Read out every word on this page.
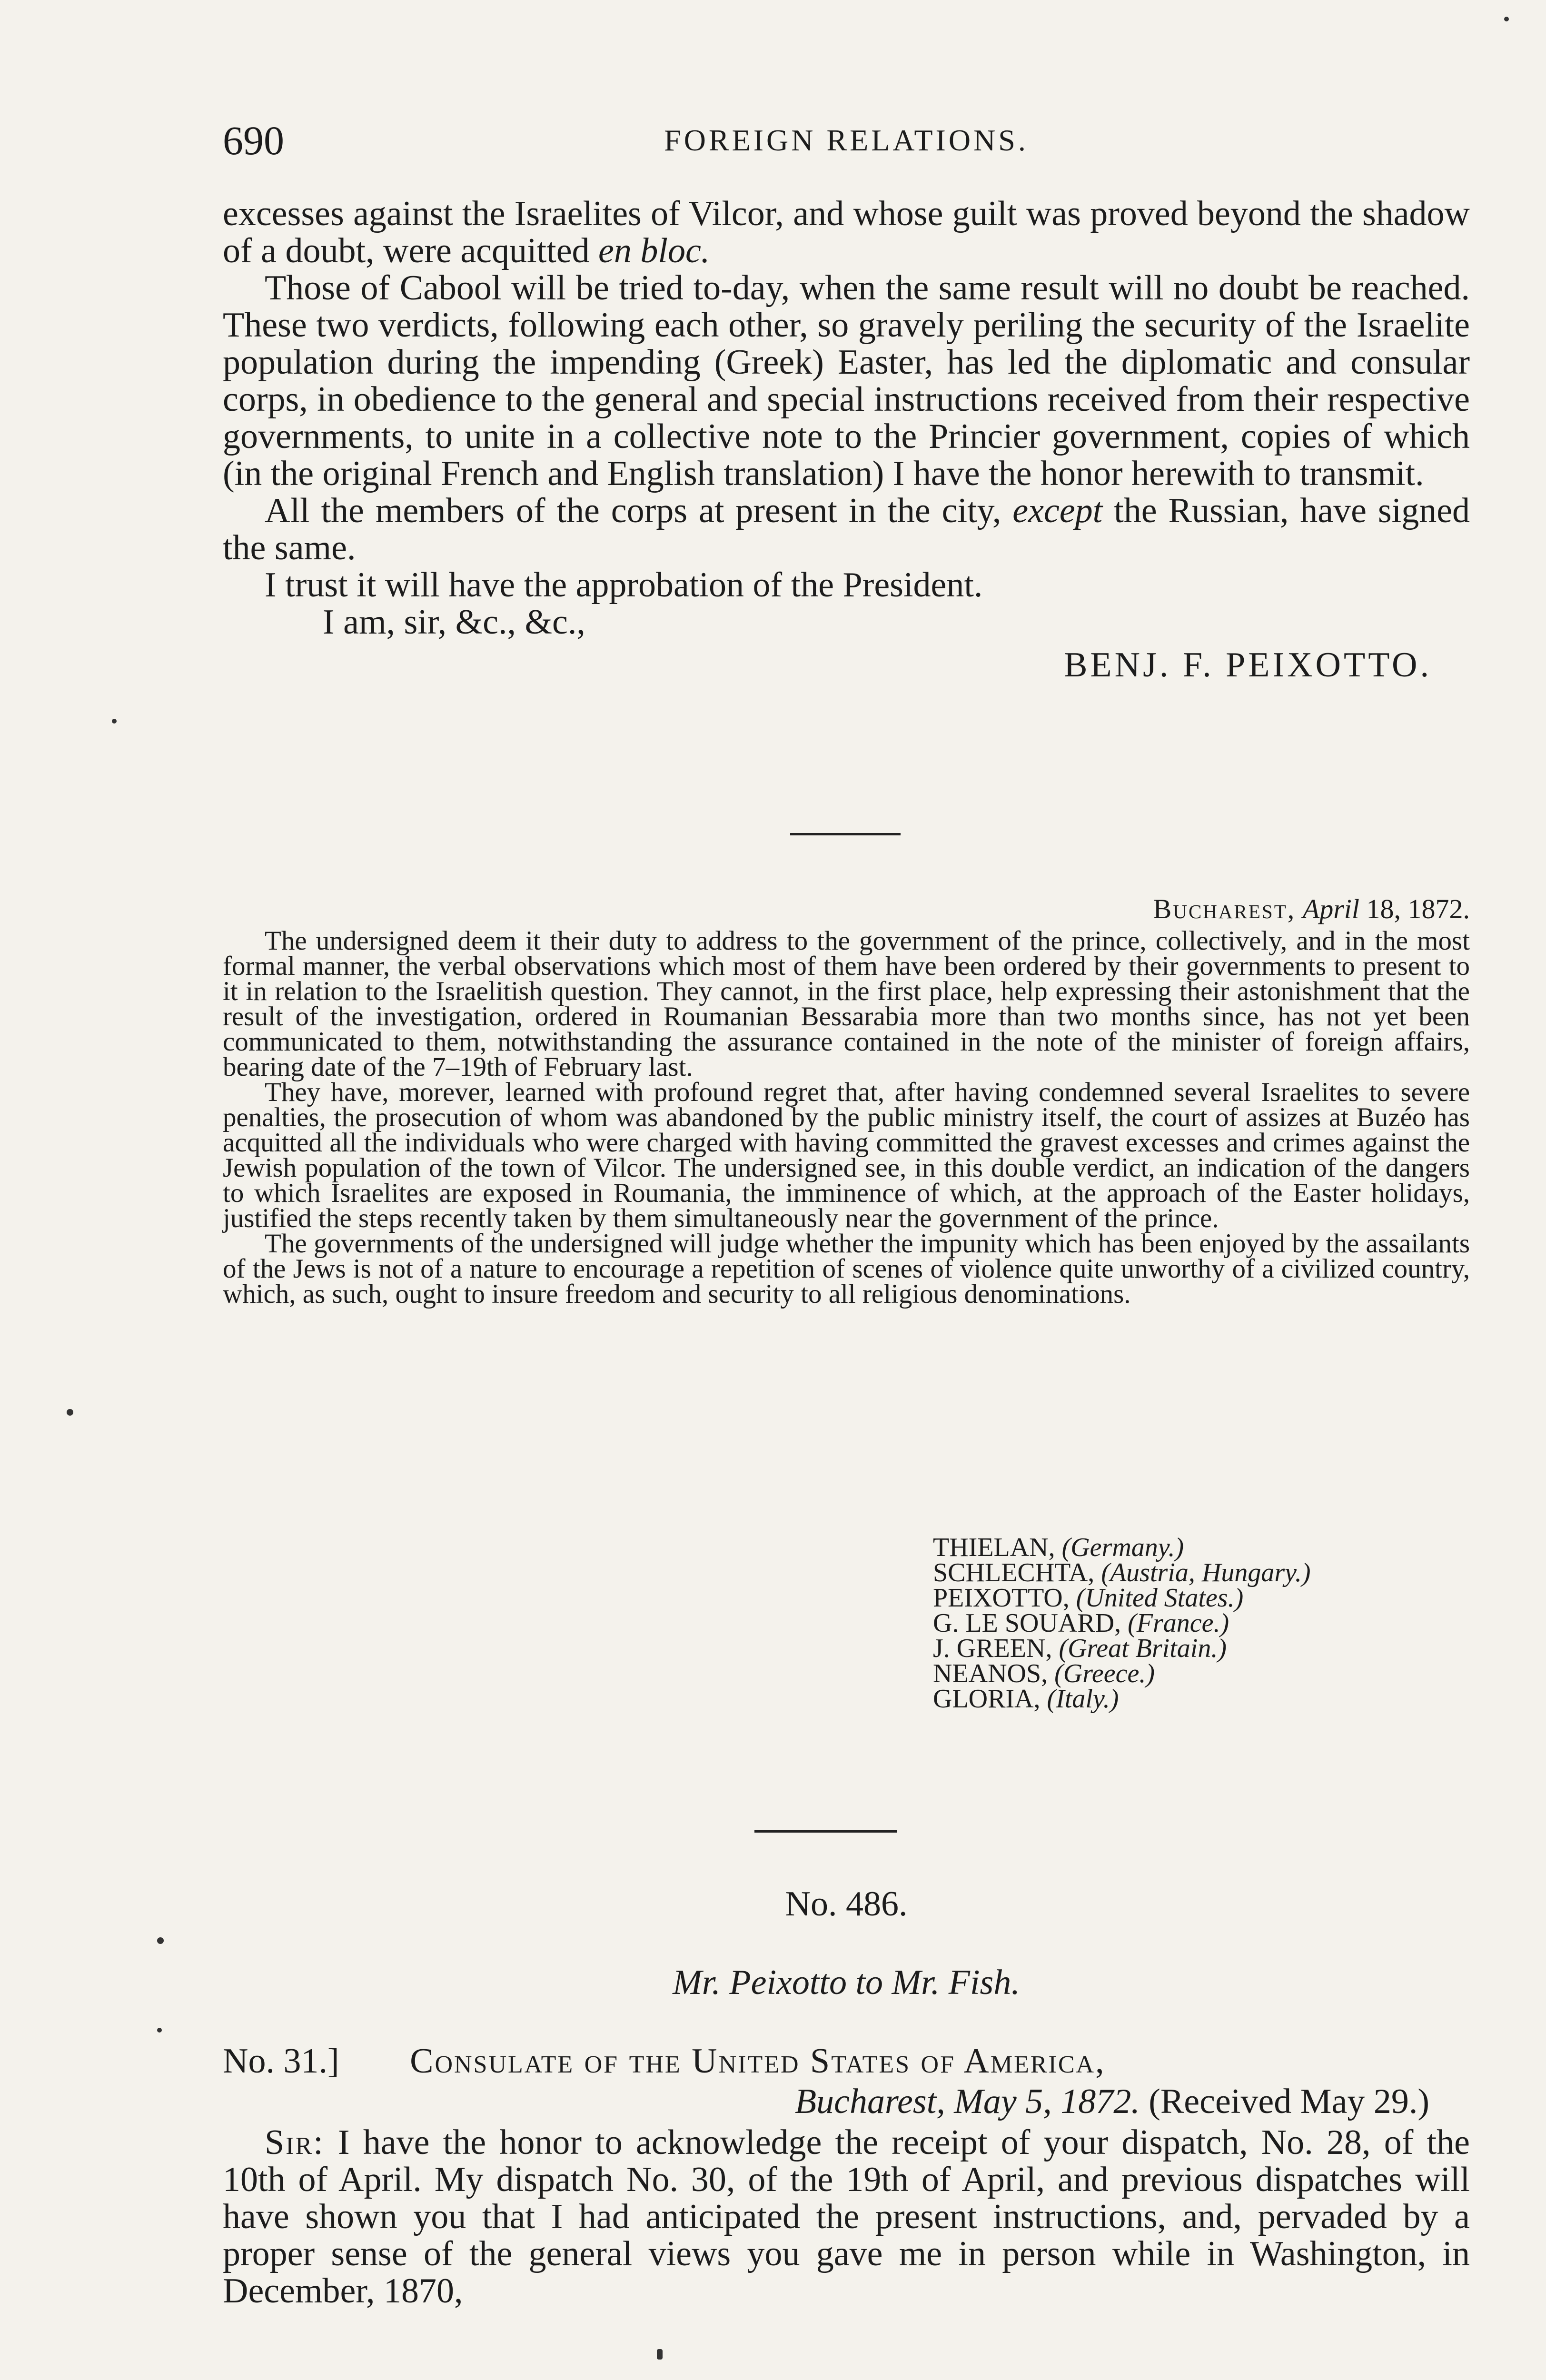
FOREIGN RELATIONS.
690

excesses against the Israelites of Vilcor, and whose guilt was proved beyond the shadow of a doubt, were acquitted en bloc.

Those of Cabool will be tried to-day, when the same result will no doubt be reached. These two verdicts, following each other, so gravely periling the security of the Israelite population during the impending (Greek) Easter, has led the diplomatic and consular corps, in obedience to the general and special instructions received from their respective governments, to unite in a collective note to the Princier government, copies of which (in the original French and English translation) I have the honor herewith to transmit.

All the members of the corps at present in the city, except the Russian, have signed the same.

I trust it will have the approbation of the President.

I am, sir, &c., &c.,

BENJ. F. PEIXOTTO.

Bucharest, April 18, 1872.

The undersigned deem it their duty to address to the government of the prince, collectively, and in the most formal manner, the verbal observations which most of them have been ordered by their governments to present to it in relation to the Israelitish question. They cannot, in the first place, help expressing their astonishment that the result of the investigation, ordered in Roumanian Bessarabia more than two months since, has not yet been communicated to them, notwithstanding the assurance contained in the note of the minister of foreign affairs, bearing date of the 7–19th of February last.

They have, morever, learned with profound regret that, after having condemned several Israelites to severe penalties, the prosecution of whom was abandoned by the public ministry itself, the court of assizes at Buzéo has acquitted all the individuals who were charged with having committed the gravest excesses and crimes against the Jewish population of the town of Vilcor. The undersigned see, in this double verdict, an indication of the dangers to which Israelites are exposed in Roumania, the imminence of which, at the approach of the Easter holidays, justified the steps recently taken by them simultaneously near the government of the prince.

The governments of the undersigned will judge whether the impunity which has been enjoyed by the assailants of the Jews is not of a nature to encourage a repetition of scenes of violence quite unworthy of a civilized country, which, as such, ought to insure freedom and security to all religious denominations.

THIELAN, (Germany.)
SCHLECHTA, (Austria, Hungary.)
PEIXOTTO, (United States.)
G. LE SOUARD, (France.)
J. GREEN, (Great Britain.)
NEANOS, (Greece.)
GLORIA, (Italy.)
No. 486.
Mr. Peixotto to Mr. Fish.
No. 31.] Consulate of the United States of America,
Bucharest, May 5, 1872. (Received May 29.)

Sir: I have the honor to acknowledge the receipt of your dispatch, No. 28, of the 10th of April. My dispatch No. 30, of the 19th of April, and previous dispatches will have shown you that I had anticipated the present instructions, and, pervaded by a proper sense of the general views you gave me in person while in Washington, in December, 1870,
